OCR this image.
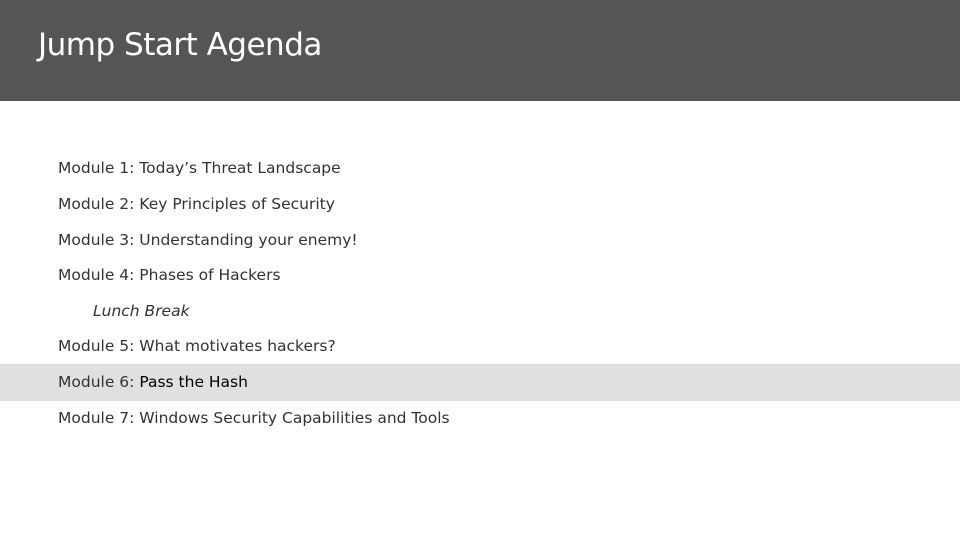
Jump Start Agenda
Module 1: Today’s Threat Landscape
Module 2: Key Principles of Security
Module 3: Understanding your enemy!
Module 4: Phases of Hackers
Lunch Break
Module 5: What motivates hackers?
Module 6: Pass the Hash
Module 7: Windows Security Capabilities and Tools
